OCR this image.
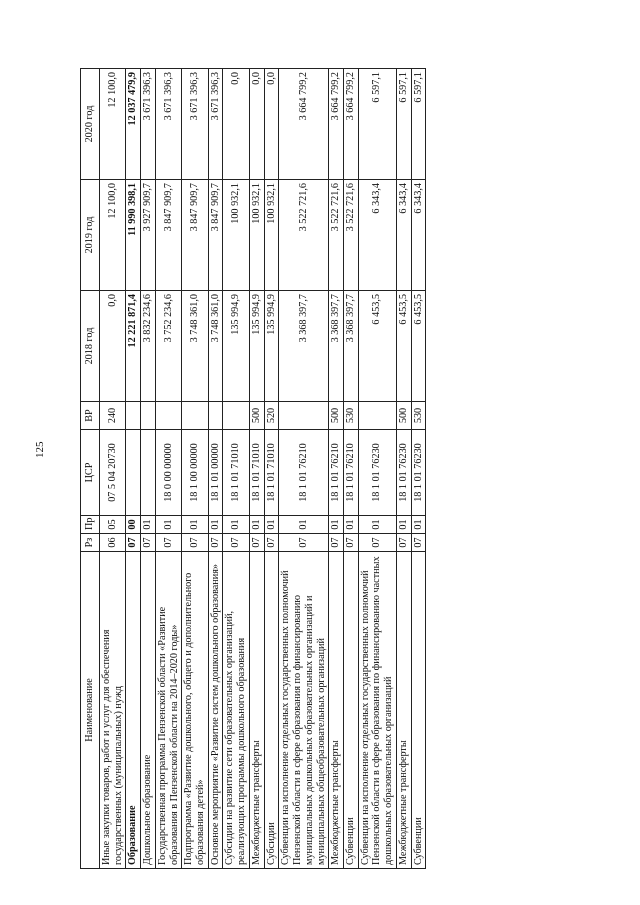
125
Наименование	Рз	Пр	ЦСР	ВР	2018 год	2019 год	2020 год
Иные закупки товаров, работ и услуг для обеспечения государственных (муниципальных) нужд	06	05	07 5 04 20730	240	0,0	12 100,0	12 100,0
Образование	07	00			12 221 871,4	11 990 398,1	12 037 479,9
Дошкольное образование	07	01			3 832 234,6	3 927 909,7	3 671 396,3
Государственная программа Пензенской области «Развитие образования в Пензенской области на 2014–2020 годы»	07	01	18 0 00 00000		3 752 234,6	3 847 909,7	3 671 396,3
Подпрограмма «Развитие дошкольного, общего и дополнительного образования детей»	07	01	18 1 00 00000		3 748 361,0	3 847 909,7	3 671 396,3
Основное мероприятие «Развитие систем дошкольного образования»	07	01	18 1 01 00000		3 748 361,0	3 847 909,7	3 671 396,3
Субсидии на развитие сети образовательных организаций, реализующих программы дошкольного образования	07	01	18 1 01 71010		135 994,9	100 932,1	0,0
Межбюджетные трансферты	07	01	18 1 01 71010	500	135 994,9	100 932,1	0,0
Субсидии	07	01	18 1 01 71010	520	135 994,9	100 932,1	0,0
Субвенции на исполнение отдельных государственных полномочий Пензенской области в сфере образования по финансированию муниципальных дошкольных образовательных организаций и муниципальных общеобразовательных организаций	07	01	18 1 01 76210		3 368 397,7	3 522 721,6	3 664 799,2
Межбюджетные трансферты	07	01	18 1 01 76210	500	3 368 397,7	3 522 721,6	3 664 799,2
Субвенции	07	01	18 1 01 76210	530	3 368 397,7	3 522 721,6	3 664 799,2
Субвенции на исполнение отдельных государственных полномочий Пензенской области в сфере образования по финансированию частных дошкольных образовательных организаций	07	01	18 1 01 76230		6 453,5	6 343,4	6 597,1
Межбюджетные трансферты	07	01	18 1 01 76230	500	6 453,5	6 343,4	6 597,1
Субвенции	07	01	18 1 01 76230	530	6 453,5	6 343,4	6 597,1
